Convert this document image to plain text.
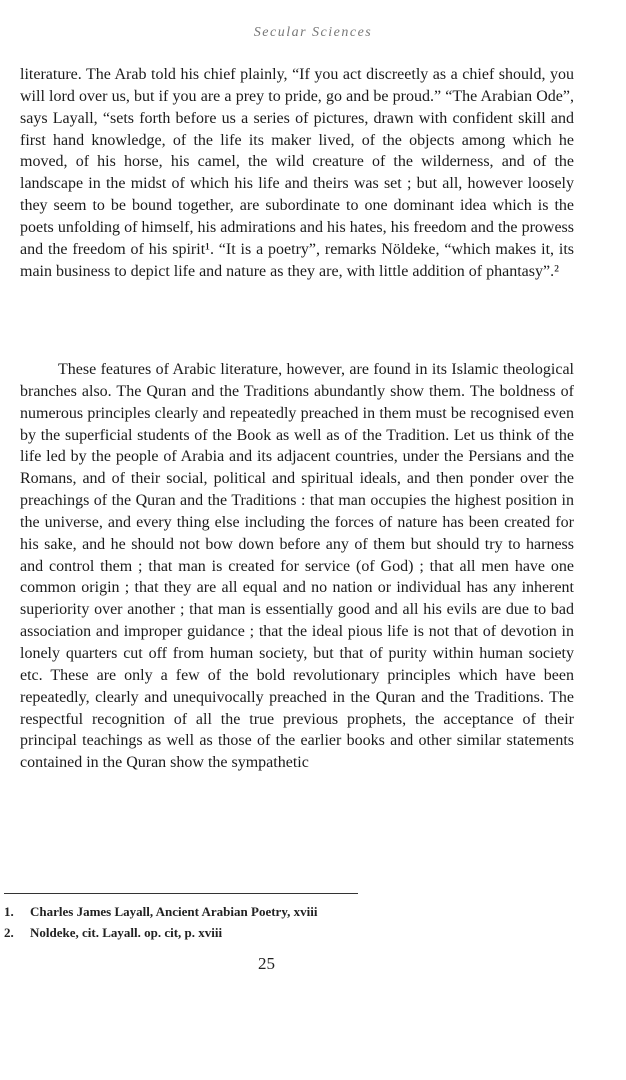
Secular Sciences

literature. The Arab told his chief plainly, “If you act discreetly as a chief should, you will lord over us, but if you are a prey to pride, go and be proud.” “The Arabian Ode”, says Layall, “sets forth before us a series of pictures, drawn with confident skill and first hand knowledge, of the life its maker lived, of the objects among which he moved, of his horse, his camel, the wild creature of the wilderness, and of the landscape in the midst of which his life and theirs was set ; but all, however loosely they seem to be bound together, are subordinate to one dominant idea which is the poets unfolding of himself, his admirations and his hates, his freedom and the prowess and the freedom of his spirit¹. “It is a poetry”, remarks Nöldeke, “which makes it, its main business to depict life and nature as they are, with little addition of phantasy”.²

These features of Arabic literature, however, are found in its Islamic theological branches also. The Quran and the Traditions abundantly show them. The boldness of numerous principles clearly and repeatedly preached in them must be recognised even by the superficial students of the Book as well as of the Tradition. Let us think of the life led by the people of Arabia and its adjacent countries, under the Persians and the Romans, and of their social, political and spiritual ideals, and then ponder over the preachings of the Quran and the Traditions : that man occupies the highest position in the universe, and every thing else including the forces of nature has been created for his sake, and he should not bow down before any of them but should try to harness and control them ; that man is created for service (of God) ; that all men have one common origin ; that they are all equal and no nation or individual has any inherent superiority over another ; that man is essentially good and all his evils are due to bad association and improper guidance ; that the ideal pious life is not that of devotion in lonely quarters cut off from human society, but that of purity within human society etc. These are only a few of the bold revolutionary principles which have been repeatedly, clearly and unequivocally preached in the Quran and the Traditions. The respectful recognition of all the true previous prophets, the acceptance of their principal teachings as well as those of the earlier books and other similar statements contained in the Quran show the sympathetic

1.	Charles James Layall, Ancient Arabian Poetry, xviii
2.	Noldeke, cit. Layall. op. cit, p. xviii
25
